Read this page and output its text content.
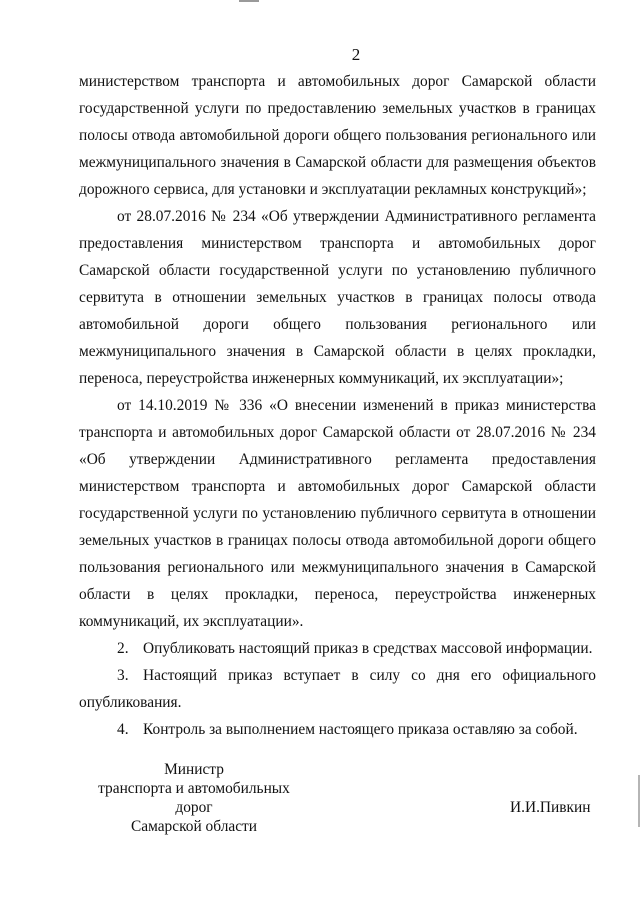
2

министерством транспорта и автомобильных дорог Самарской области государственной услуги по предоставлению земельных участков в границах полосы отвода автомобильной дороги общего пользования регионального или межмуниципального значения в Самарской области для размещения объектов дорожного сервиса, для установки и эксплуатации рекламных конструкций»;

от 28.07.2016 № 234 «Об утверждении Административного регламента предоставления министерством транспорта и автомобильных дорог Самарской области государственной услуги по установлению публичного сервитута в отношении земельных участков в границах полосы отвода автомобильной дороги общего пользования регионального или межмуниципального значения в Самарской области в целях прокладки, переноса, переустройства инженерных коммуникаций, их эксплуатации»;

от 14.10.2019 № 336 «О внесении изменений в приказ министерства транспорта и автомобильных дорог Самарской области от 28.07.2016 № 234 «Об утверждении Административного регламента предоставления министерством транспорта и автомобильных дорог Самарской области государственной услуги по установлению публичного сервитута в отношении земельных участков в границах полосы отвода автомобильной дороги общего пользования регионального или межмуниципального значения в Самарской области в целях прокладки, переноса, переустройства инженерных коммуникаций, их эксплуатации».

2. Опубликовать настоящий приказ в средствах массовой информации.

3. Настоящий приказ вступает в силу со дня его официального опубликования.

4. Контроль за выполнением настоящего приказа оставляю за собой.

Министр
транспорта и автомобильных дорог
Самарской области
И.И.Пивкин
